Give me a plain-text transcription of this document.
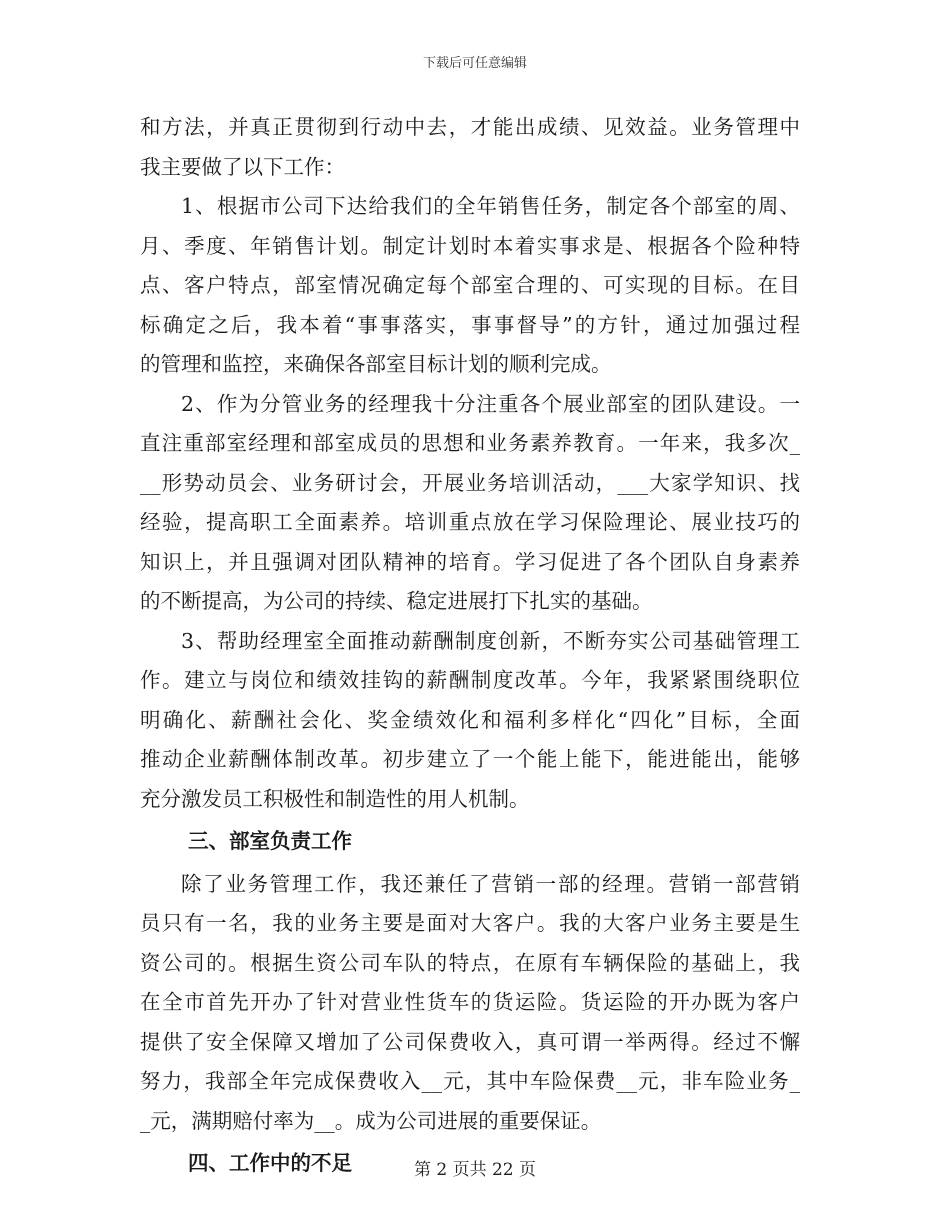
下载后可任意编辑
和方法，并真正贯彻到行动中去，才能出成绩、见效益。业务管理中
我主要做了以下工作：
1、根据市公司下达给我们的全年销售任务，制定各个部室的周、
月、季度、年销售计划。制定计划时本着实事求是、根据各个险种特
点、客户特点，部室情况确定每个部室合理的、可实现的目标。在目
标确定之后，我本着“事事落实，事事督导”的方针，通过加强过程
的管理和监控，来确保各部室目标计划的顺利完成。
2、作为分管业务的经理我十分注重各个展业部室的团队建设。一
直注重部室经理和部室成员的思想和业务素养教育。一年来，我多次_
__形势动员会、业务研讨会，开展业务培训活动，___大家学知识、找
经验，提高职工全面素养。培训重点放在学习保险理论、展业技巧的
知识上，并且强调对团队精神的培育。学习促进了各个团队自身素养
的不断提高，为公司的持续、稳定进展打下扎实的基础。
3、帮助经理室全面推动薪酬制度创新，不断夯实公司基础管理工
作。建立与岗位和绩效挂钩的薪酬制度改革。今年，我紧紧围绕职位
明确化、薪酬社会化、奖金绩效化和福利多样化“四化”目标，全面
推动企业薪酬体制改革。初步建立了一个能上能下，能进能出，能够
充分激发员工积极性和制造性的用人机制。
三、部室负责工作
除了业务管理工作，我还兼任了营销一部的经理。营销一部营销
员只有一名，我的业务主要是面对大客户。我的大客户业务主要是生
资公司的。根据生资公司车队的特点，在原有车辆保险的基础上，我
在全市首先开办了针对营业性货车的货运险。货运险的开办既为客户
提供了安全保障又增加了公司保费收入，真可谓一举两得。经过不懈
努力，我部全年完成保费收入__元，其中车险保费__元，非车险业务_
_元，满期赔付率为__。成为公司进展的重要保证。
四、工作中的不足	第 2 页共 22 页
